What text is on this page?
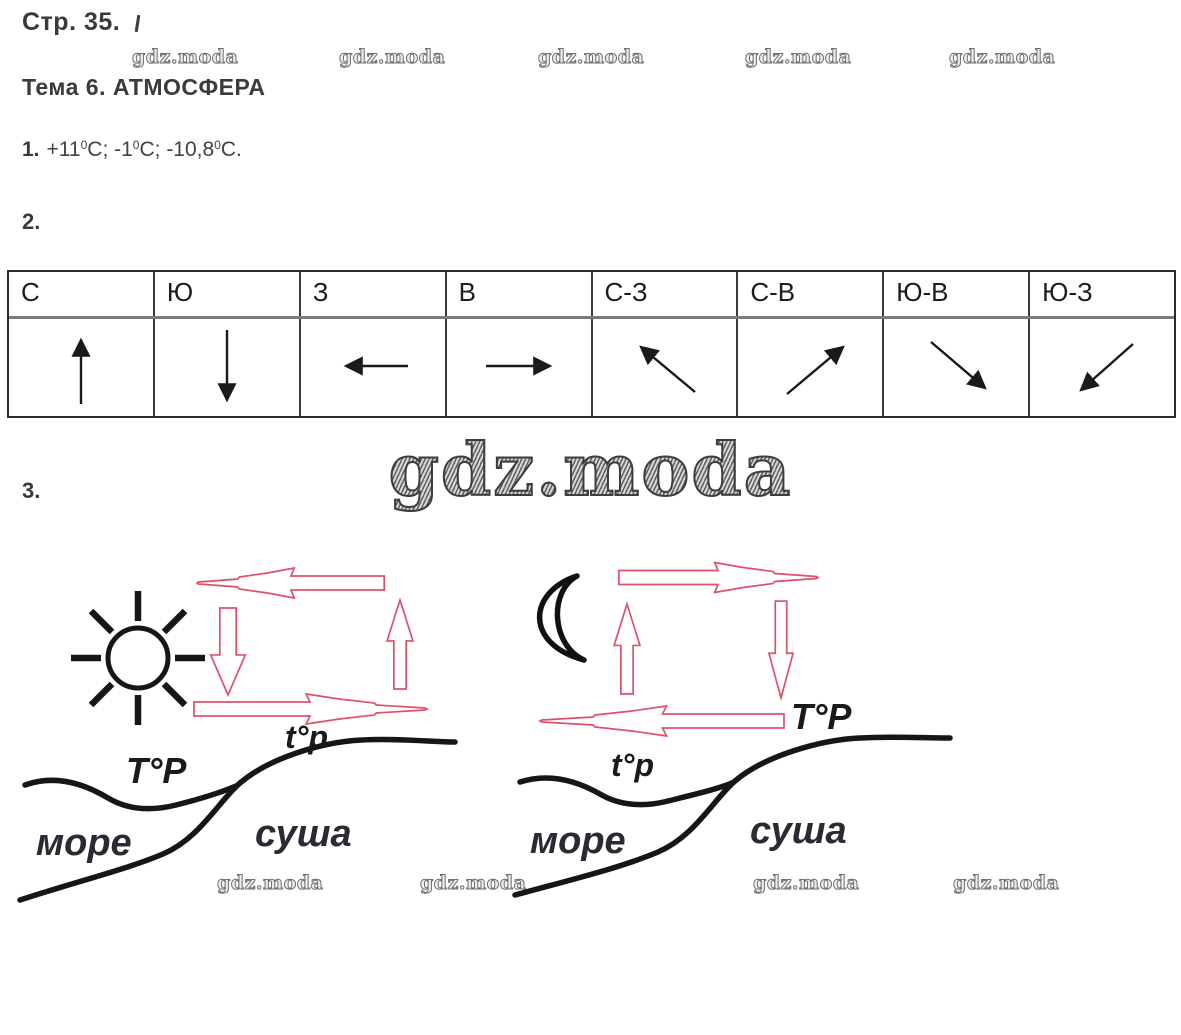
Стр. 35.
gdz.moda	gdz.moda	gdz.moda	gdz.moda	gdz.moda
Тема 6. АТМОСФЕРА
1. $+11^0C$; $-1^0C$; -10,8$^0$C.
2.
С	Ю	З	В	С-З	С-В	Ю-В	Ю-З
gdz.moda
3.
gdz.moda	gdz.moda	gdz.moda	gdz.moda
t°p
T°P
море	суша
T°P
t°p
море	суша
